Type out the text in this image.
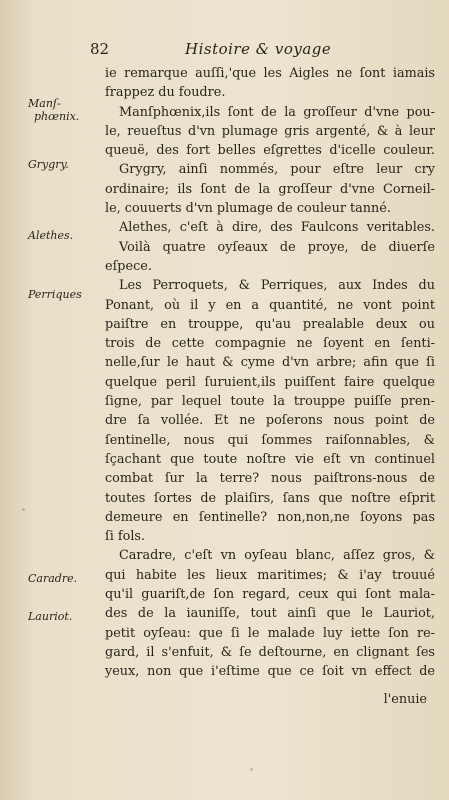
82	Histoire & voyage
Manſ-
phœnix.
Grygry.
Alethes.
Perriques
Caradre.
Lauriot.
ie remarque auſſi,'que les Aigles ne ſont iamais
frappez du foudre.
Manſphœnix,ils ſont de la groſſeur d'vne pou-
le, reueſtus d'vn plumage gris argenté, & à leur
queuë, des fort belles eſgrettes d'icelle couleur.
Grygry, ainſi nommés, pour eſtre leur cry
ordinaire; ils ſont de la groſſeur d'vne Corneil-
le, couuerts d'vn plumage de couleur tanné.
Alethes, c'eſt à dire, des Faulcons veritables.
Voilà quatre oyſeaux de proye, de diuerſe
eſpece.
Les Perroquets, & Perriques, aux Indes du
Ponant, où il y en a quantité, ne vont point
paiſtre en trouppe, qu'au prealable deux ou
trois de cette compagnie ne ſoyent en ſenti-
nelle,ſur le haut & cyme d'vn arbre; afin que ſi
quelque peril ſuruient,ils puiſſent faire quelque
ſigne, par lequel toute la trouppe puiſſe pren-
dre ſa vollée. Et ne poſerons nous point de
ſentinelle, nous qui ſommes raiſonnables, &
ſçachant que toute noſtre vie eſt vn continuel
combat ſur la terre? nous paiſtrons-nous de
toutes ſortes de plaiſirs, ſans que noſtre eſprit
demeure en ſentinelle? non,non,ne ſoyons pas
ſi fols.
Caradre, c'eſt vn oyſeau blanc, aſſez gros, &
qui habite les lieux maritimes; & i'ay trouué
qu'il guariſt,de ſon regard, ceux qui ſont mala-
des de la iauniſſe, tout ainſi que le Lauriot,
petit oyſeau: que ſi le malade luy iette ſon re-
gard, il s'enfuit, & ſe deſtourne, en clignant ſes
yeux, non que i'eſtime que ce ſoit vn effect de
l'enuie
